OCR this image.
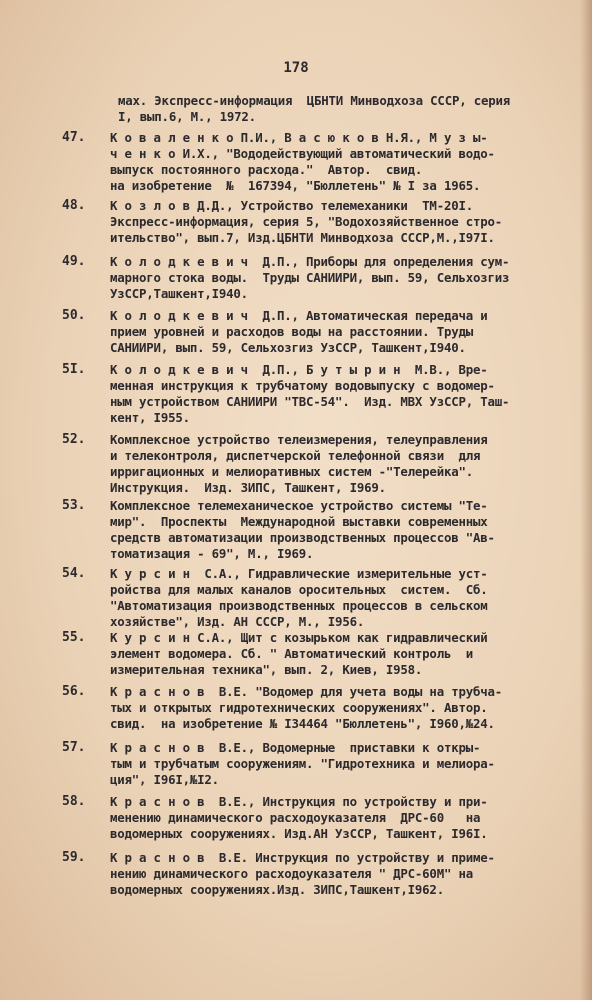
178
мах. Экспресс-информация  ЦБНТИ Минводхоза СССР, серия
I, вып.6, М., 1972.
47. К о в а л е н к о П.И., В а с ю к о в Н.Я., М у з ы-
ч е н к о И.Х., "Вододействующий автоматический водо-
выпуск постоянного расхода."  Автор.  свид.
на изобретение  №  167394, "Бюллетень" № I за 1965.
48. К о з л о в Д.Д., Устройство телемеханики  ТМ-20I.
Экспресс-информация, серия 5, "Водохозяйственное стро-
ительство", вып.7, Изд.ЦБНТИ Минводхоза СССР,М.,I97I.
49. К о л о д к е в и ч  Д.П., Приборы для определения сум-
марного стока воды.  Труды САНИИРИ, вып. 59, Сельхозгиз
УзССР,Ташкент,I940.
50. К о л о д к е в и ч  Д.П., Автоматическая передача и
прием уровней и расходов воды на расстоянии. Труды
САНИИРИ, вып. 59, Сельхозгиз УзССР, Ташкент,I940.
5I. К о л о д к е в и ч  Д.П., Б у т ы р и н  М.В., Вре-
менная инструкция к трубчатому водовыпуску с водомер-
ным устройством САНИИРИ "ТВС-54".  Изд. МВХ УзССР, Таш-
кент, I955.
52. Комплексное устройство телеизмерения, телеуправления
и телеконтроля, диспетчерской телефонной связи  для
ирригационных и мелиоративных систем -"Телерейка".
Инструкция.  Изд. ЗИПС, Ташкент, I969.
53. Комплексное телемеханическое устройство системы "Те-
мир".  Проспекты  Международной выставки современных
средств автоматизации производственных процессов "Ав-
томатизация - 69", М., I969.
54. К у р с и н  С.А., Гидравлические измерительные уст-
ройства для малых каналов оросительных  систем.  Сб.
"Автоматизация производственных процессов в сельском
хозяйстве", Изд. АН СССР, М., I956.
55. К у р с и н С.А., Щит с козырьком как гидравлический
элемент водомера. Сб. " Автоматический контроль  и
измерительная техника", вып. 2, Киев, I958.
56. К р а с н о в  В.Е. "Водомер для учета воды на трубча-
тых и открытых гидротехнических сооружениях". Автор.
свид.  на изобретение № I34464 "Бюллетень", I960,№24.
57. К р а с н о в  В.Е., Водомерные  приставки к откры-
тым и трубчатым сооружениям. "Гидротехника и мелиора-
ция", I96I,№I2.
58. К р а с н о в  В.Е., Инструкция по устройству и при-
менению динамического расходоуказателя  ДРС-60   на
водомерных сооружениях. Изд.АН УзССР, Ташкент, I96I.
59. К р а с н о в  В.Е. Инструкция по устройству и приме-
нению динамического расходоуказателя " ДРС-60М" на
водомерных сооружениях.Изд. ЗИПС,Ташкент,I962.
